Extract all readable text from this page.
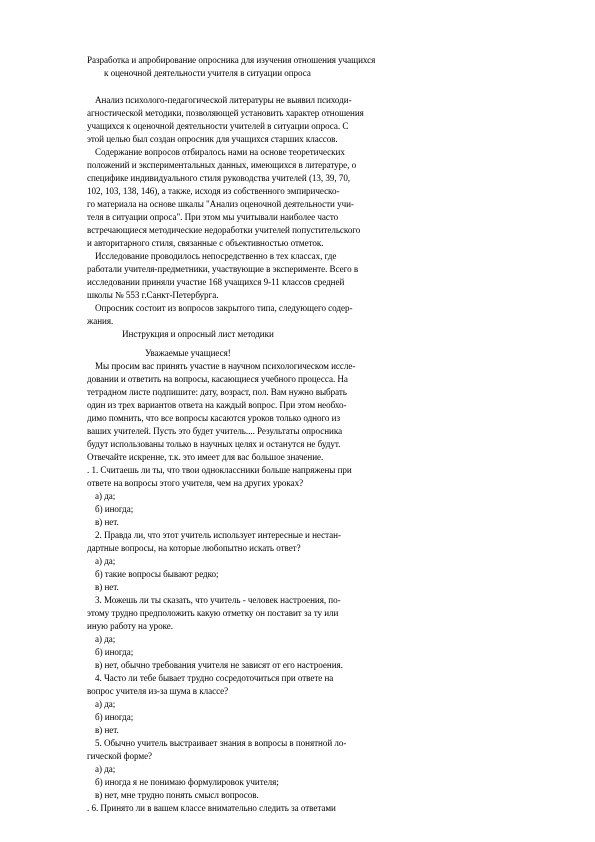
Разработка и апробирование опросника для изучения отношения учащихся
к оценочной деятельности учителя в ситуации опроса
Анализ психолого-педагогической литературы не выявил психоди-
агностической методики, позволяющей установить характер отношения
учащихся к оценочной деятельности учителей в ситуации опроса. С
этой целью был создан опросник для учащихся старших классов.
Содержание вопросов отбиралось нами на основе теоретических
положений и экспериментальных данных, имеющихся в литературе, о
специфике индивидуального стиля руководства учителей (13, 39, 70,
102, 103, 138, 146), а также, исходя из собственного эмпирическо-
го материала на основе шкалы "Анализ оценочной деятельности учи-
теля в ситуации опроса". При этом мы учитывали наиболее часто
встречающиеся методические недоработки учителей попустительского
и авторитарного стиля, связанные с объективностью отметок.
Исследование проводилось непосредственно в тех классах, где
работали учителя-предметники, участвующие в эксперименте. Всего в
исследовании приняли участие 168 учащихся 9-11 классов средней
школы № 553 г.Санкт-Петербурга.
Опросник состоит из вопросов закрытого типа, следующего содер-
жания.
Инструкция и опросный лист методики
Уважаемые учащиеся!
Мы просим вас принять участие в научном психологическом иссле-
довании и ответить на вопросы, касающиеся учебного процесса. На
тетрадном листе подпишите: дату, возраст, пол. Вам нужно выбрать
один из трех вариантов ответа на каждый вопрос. При этом необхо-
димо помнить, что все вопросы касаются уроков только одного из
ваших учителей. Пусть это будет учитель.... Результаты опросника
будут использованы только в научных целях и останутся не будут.
Отвечайте искренне, т.к. это имеет для вас большое значение.
. 1. Считаешь ли ты, что твои одноклассники больше напряжены при
ответе на вопросы этого учителя, чем на других уроках?
а) да;
б) иногда;
в) нет.
2. Правда ли, что этот учитель использует интересные и нестан-
дартные вопросы, на которые любопытно искать ответ?
а) да;
б) такие вопросы бывают редко;
в) нет.
3. Можешь ли ты сказать, что учитель - человек настроения, по-
этому трудно предположить какую отметку он поставит за ту или
иную работу на уроке.
а) да;
б) иногда;
в) нет, обычно требования учителя не зависят от его настроения.
4. Часто ли тебе бывает трудно сосредоточиться при ответе на
вопрос учителя из-за шума в классе?
а) да;
б) иногда;
в) нет.
5. Обычно учитель выстраивает знания в вопросы в понятной ло-
гической форме?
а) да;
б) иногда я не понимаю формулировок учителя;
в) нет, мне трудно понять смысл вопросов.
. 6. Принято ли в вашем классе внимательно следить за ответами
